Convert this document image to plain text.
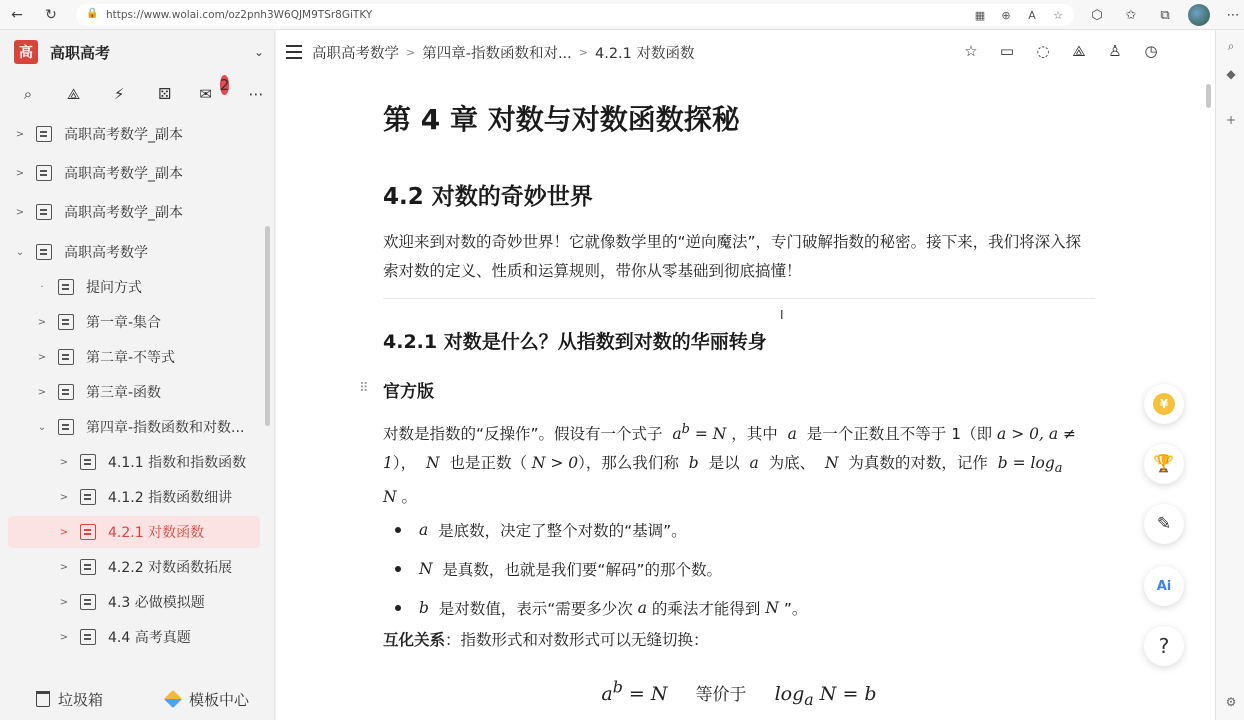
←	↻	🔒 https://www.wolai.com/oz2pnh3W6QJM9TSr8GiTKY	▦	⊕	A	☆	⬡	✩	⧉	⋯
⌕
◆
+
⚙
高	高职高考	⌄
⌕	⟁	⚡	⚄ ✉ 2 ⋯
>	高职高考数学_副本
>	高职高考数学_副本
>	高职高考数学_副本
⌄	高职高考数学
·	提问方式
>	第一章-集合
>	第二章-不等式
>	第三章-函数
⌄	第四章-指数函数和对数...
>	4.1.1 指数和指数函数
>	4.1.2 指数函数细讲
>	4.2.1 对数函数
>	4.2.2 对数函数拓展
>	4.3 必做模拟题
>	4.4 高考真题
垃圾箱	模板中心
高职高考数学 > 第四章-指数函数和对... > 4.2.1 对数函数	☆ ▭ ◌ ⟁ ♙ ◷
第 4 章 对数与对数函数探秘
4.2 对数的奇妙世界
欢迎来到对数的奇妙世界！它就像数学里的“逆向魔法”，专门破解指数的秘密。接下来，我们将深入探索对数的定义、性质和运算规则，带你从零基础到彻底搞懂！
I
4.2.1 对数是什么？从指数到对数的华丽转身
⠿ 官方版
对数是指数的“反操作”。假设有一个式子  $a^b = N$ ，其中  a  是一个正数且不等于 1（即 a > 0, a ≠ 1），  N  也是正数（ N > 0），那么我们称  b  是以  a  为底、  N  为真数的对数，记作  $b = \log_a N$ 。
a 是底数，决定了整个对数的“基调”。
N 是真数，也就是我们要“解码”的那个数。
b 是对数值，表示“需要多少次 a 的乘法才能得到 N ”。
互化关系：指数形式和对数形式可以无缝切换：
$a^b = N$ 等价于 $\log_a N = b$
¥
🏆
✎
Ai
?
